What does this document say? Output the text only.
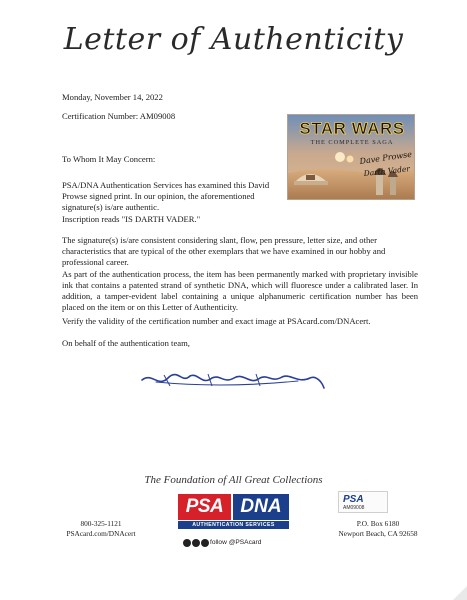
Letter of Authenticity

Monday, November 14, 2022

Certification Number: AM09008

To Whom It May Concern:

PSA/DNA Authentication Services has examined this David Prowse signed print. In our opinion, the aforementioned signature(s) is/are authentic.

Inscription reads "IS DARTH VADER."

The signature(s) is/are consistent considering slant, flow, pen pressure, letter size, and other characteristics that are typical of the other exemplars that we have examined in our hobby and professional career.

As part of the authentication process, the item has been permanently marked with proprietary invisible ink that contains a patented strand of synthetic DNA, which will fluoresce under a calibrated laser. In addition, a tamper-evident label containing a unique alphanumeric certification number has been placed on the item or on this Letter of Authenticity.

Verify the validity of the certification number and exact image at PSAcard.com/DNAcert.

On behalf of the authentication team,

STAR WARS
THE COMPLETE SAGA
Dave Prowse
Darth Vader
The Foundation of All Great Collections
800-325-1121
PSAcard.com/DNAcert
PSA DNA
AUTHENTICATION SERVICES
follow @PSAcard
PSA
AM09008
P.O. Box 6180
Newport Beach, CA 92658
